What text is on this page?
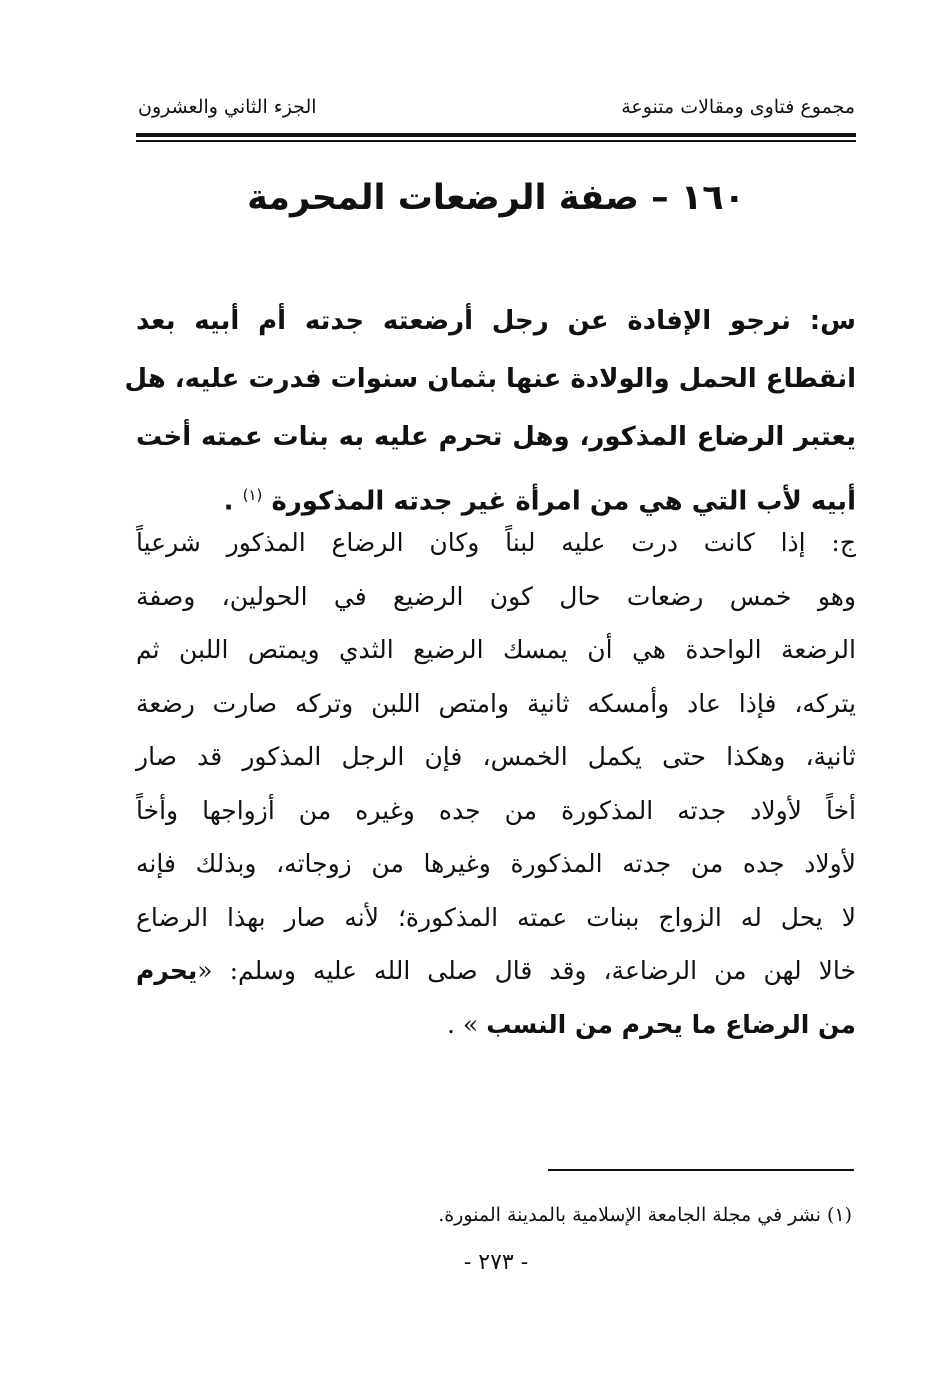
مجموع فتاوى ومقالات متنوعة
الجزء الثاني والعشرون
١٦٠ – صفة الرضعات المحرمة
س: نرجو الإفادة عن رجل أرضعته جدته أم أبيه بعد
انقطاع الحمل والولادة عنها بثمان سنوات فدرت عليه، هل
يعتبر الرضاع المذكور، وهل تحرم عليه به بنات عمته أخت
أبيه لأب التي هي من امرأة غير جدته المذكورة $^{(١)}$ .
ج: إذا كانت درت عليه لبناً وكان الرضاع المذكور شرعياً
وهو خمس رضعات حال كون الرضيع في الحولين، وصفة
الرضعة الواحدة هي أن يمسك الرضيع الثدي ويمتص اللبن ثم
يتركه، فإذا عاد وأمسكه ثانية وامتص اللبن وتركه صارت رضعة
ثانية، وهكذا حتى يكمل الخمس، فإن الرجل المذكور قد صار
أخاً لأولاد جدته المذكورة من جده وغيره من أزواجها وأخاً
لأولاد جده من جدته المذكورة وغيرها من زوجاته، وبذلك فإنه
لا يحل له الزواج ببنات عمته المذكورة؛ لأنه صار بهذا الرضاع
خالا لهن من الرضاعة، وقد قال صلى الله عليه وسلم: «يحرم
من الرضاع ما يحرم من النسب » .
(١) نشر في مجلة الجامعة الإسلامية بالمدينة المنورة.
- ٢٧٣ -
